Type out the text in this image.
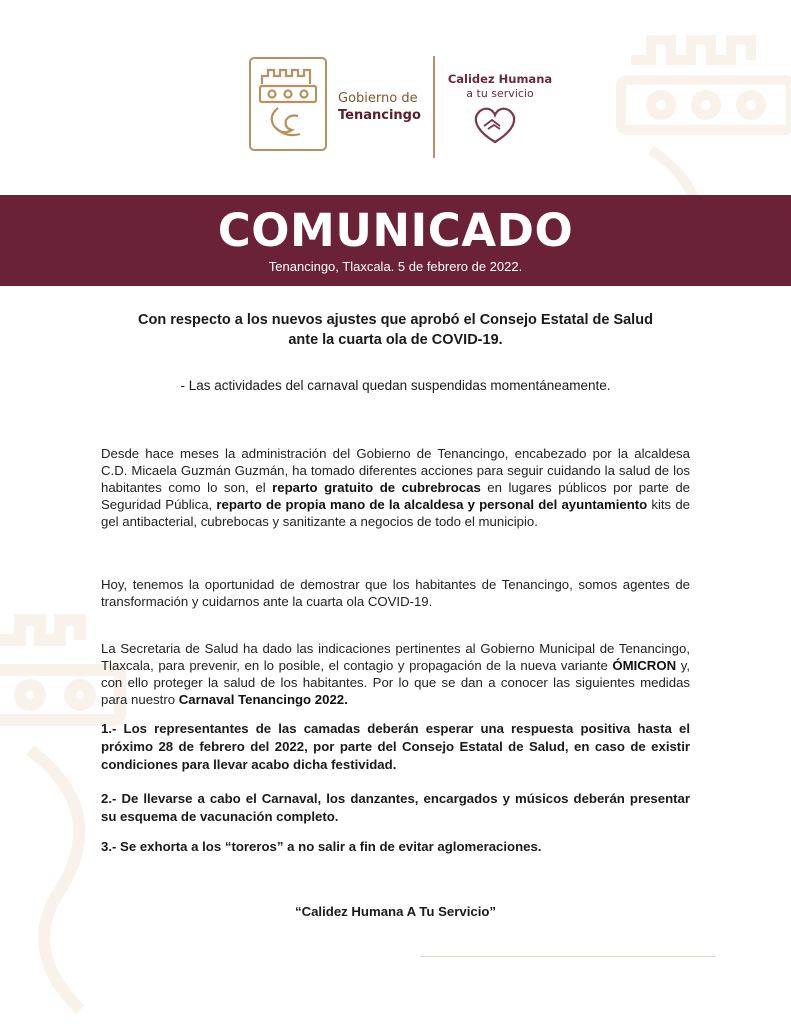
Gobierno de
Tenancingo
Calidez Humana
a tu servicio
COMUNICADO
Tenancingo, Tlaxcala. 5 de febrero de 2022.

Con respecto a los nuevos ajustes que aprobó el Consejo Estatal de Salud
ante la cuarta ola de COVID-19.

- Las actividades del carnaval quedan suspendidas momentáneamente.

Desde hace meses la administración del Gobierno de Tenancingo, encabezado por la alcaldesa C.D. Micaela Guzmán Guzmán, ha tomado diferentes acciones para seguir cuidando la salud de los habitantes como lo son, el reparto gratuito de cubrebrocas en lugares públicos por parte de Seguridad Pública, reparto de propia mano de la alcaldesa y personal del ayuntamiento kits de gel antibacterial, cubrebocas y sanitizante a negocios de todo el municipio.

Hoy, tenemos la oportunidad de demostrar que los habitantes de Tenancingo, somos agentes de transformación y cuidarnos ante la cuarta ola COVID-19.

La Secretaria de Salud ha dado las indicaciones pertinentes al Gobierno Municipal de Tenancingo, Tlaxcala, para prevenir, en lo posible, el contagio y propagación de la nueva variante ÓMICRON y, con ello proteger la salud de los habitantes. Por lo que se dan a conocer las siguientes medidas para nuestro Carnaval Tenancingo 2022.

1.- Los representantes de las camadas deberán esperar una respuesta positiva hasta el próximo 28 de febrero del 2022, por parte del Consejo Estatal de Salud, en caso de existir condiciones para llevar acabo dicha festividad.

2.- De llevarse a cabo el Carnaval, los danzantes, encargados y músicos deberán presentar su esquema de vacunación completo.

3.- Se exhorta a los “toreros” a no salir a fin de evitar aglomeraciones.

“Calidez Humana A Tu Servicio”
